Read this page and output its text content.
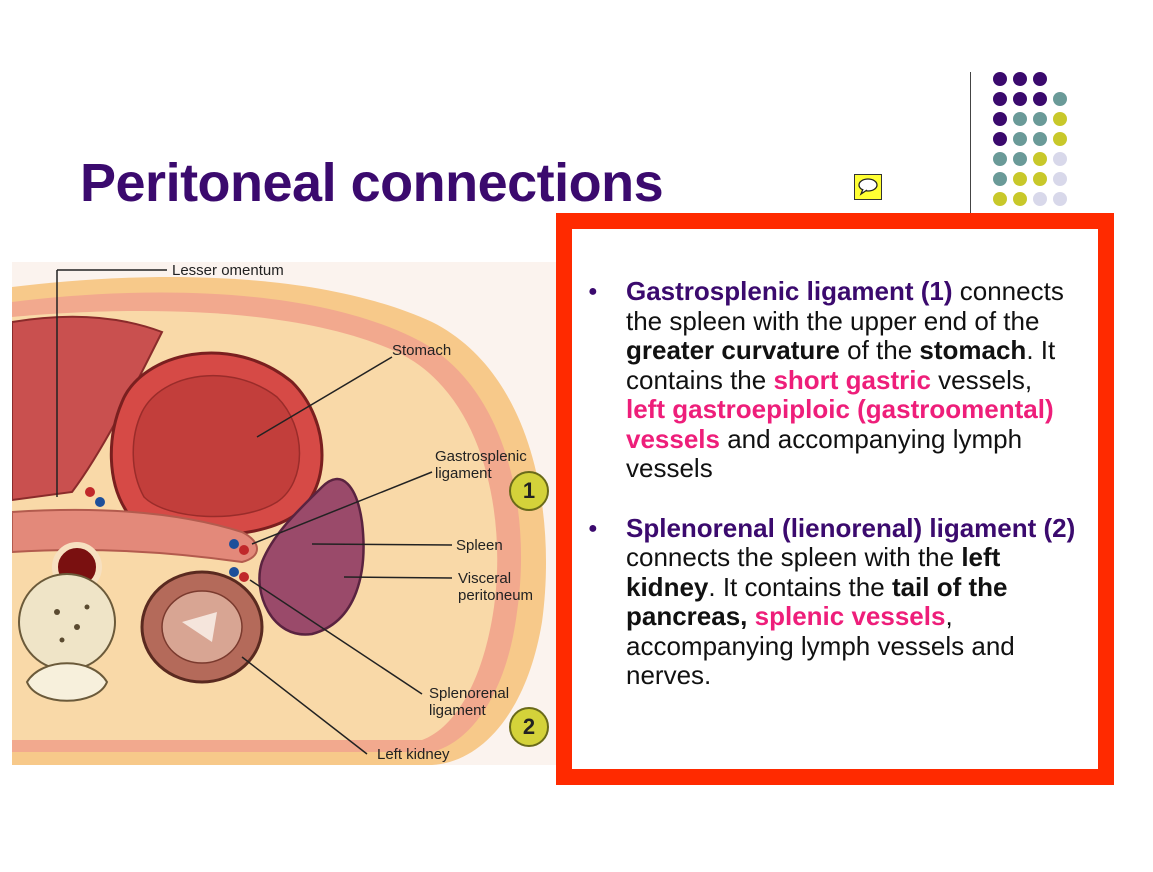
Peritoneal connections
Lesser omentum
Stomach
Gastrosplenic
ligament
Spleen
Visceral
peritoneum
Splenorenal
ligament
Left kidney
1
2
● Gastrosplenic ligament (1) connects the spleen with the upper end of the greater curvature of the stomach. It contains the short gastric vessels, left gastroepiploic (gastroomental) vessels and accompanying lymph vessels
● Splenorenal (lienorenal) ligament (2) connects the spleen with the left kidney. It contains the tail of the pancreas, splenic vessels, accompanying lymph vessels and nerves.
